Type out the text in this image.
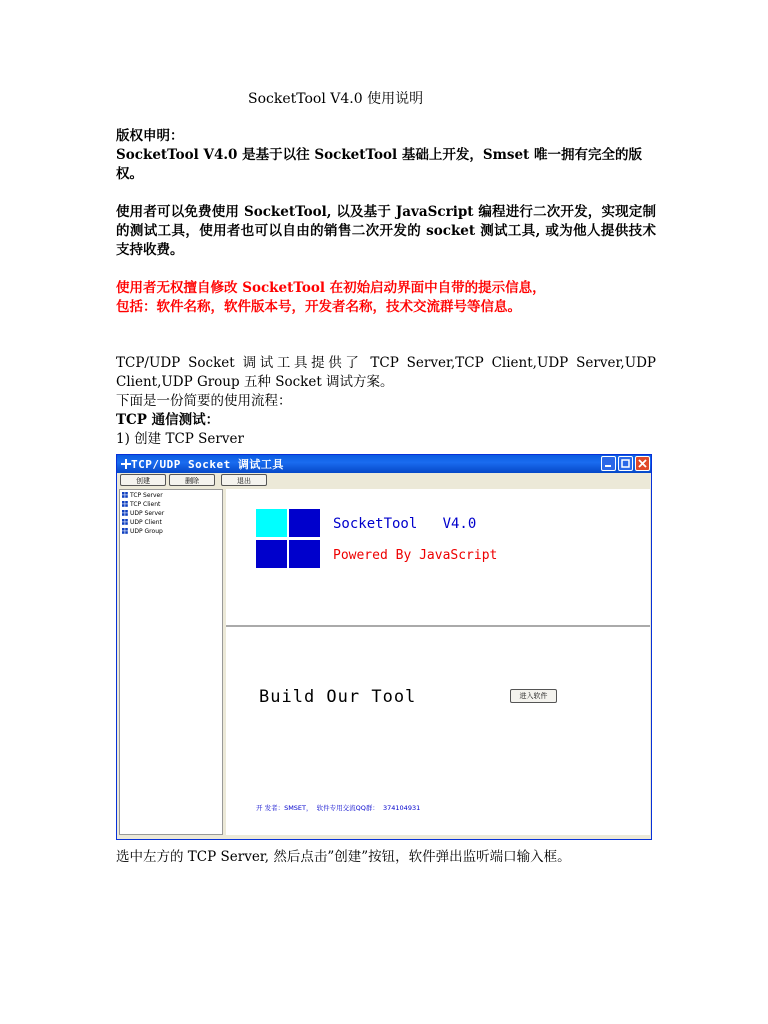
SocketTool V4.0 使用说明
版权申明：
SocketTool V4.0 是基于以往 SocketTool 基础上开发，Smset 唯一拥有完全的版权。
使用者可以免费使用 SocketTool, 以及基于 JavaScript 编程进行二次开发，实现定制的测试工具，使用者也可以自由的销售二次开发的 socket 测试工具, 或为他人提供技术支持收费。
使用者无权擅自修改 SocketTool 在初始启动界面中自带的提示信息，
包括：软件名称，软件版本号，开发者名称，技术交流群号等信息。
TCP/UDP Socket 调试工具提供了 TCP Server,TCP Client,UDP Server,UDP Client,UDP Group 五种 Socket 调试方案。
下面是一份简要的使用流程：
TCP 通信测试：
1) 创建 TCP Server
TCP/UDP Socket 调试工具
创建	删除	退出
TCP Server
TCP Client
UDP Server
UDP Client
UDP Group	SocketTool   V4.0
Powered By JavaScript
Build Our Tool	进入软件
开 发者：SMSET，  软件专用交流QQ群：  37410493​1
选中左方的 TCP Server, 然后点击”创建”按钮，软件弹出监听端口输入框。
